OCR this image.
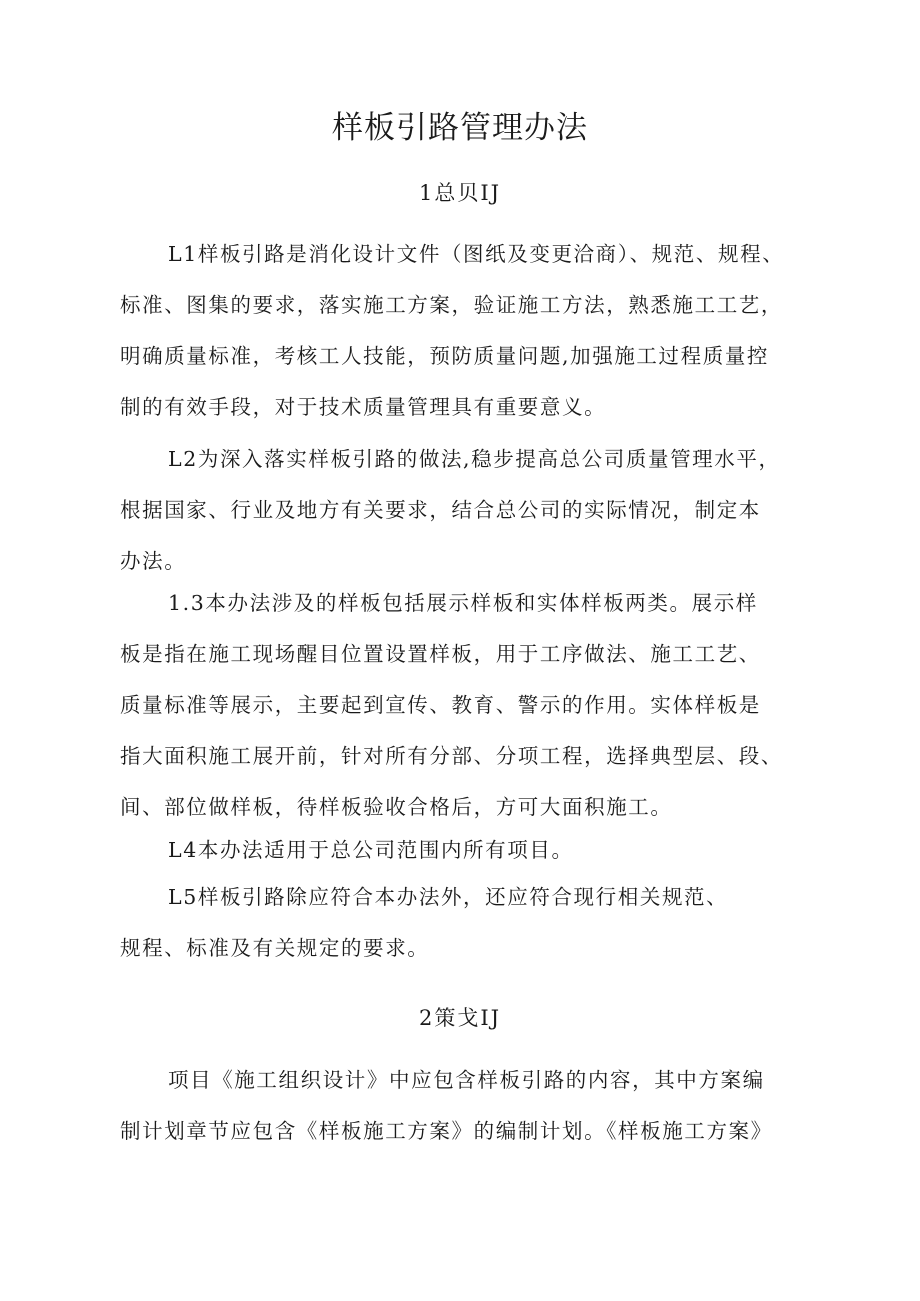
样板引路管理办法
1总贝IJ

L1样板引路是消化设计文件（图纸及变更洽商）、规范、规程、
标准、图集的要求，落实施工方案，验证施工方法，熟悉施工工艺，
明确质量标准，考核工人技能，预防质量问题,加强施工过程质量控
制的有效手段，对于技术质量管理具有重要意义。

L2为深入落实样板引路的做法,稳步提高总公司质量管理水平，
根据国家、行业及地方有关要求，结合总公司的实际情况，制定本
办法。

1.3本办法涉及的样板包括展示样板和实体样板两类。展示样
板是指在施工现场醒目位置设置样板，用于工序做法、施工工艺、
质量标准等展示，主要起到宣传、教育、警示的作用。实体样板是
指大面积施工展开前，针对所有分部、分项工程，选择典型层、段、
间、部位做样板，待样板验收合格后，方可大面积施工。

L4本办法适用于总公司范围内所有项目。

L5样板引路除应符合本办法外，还应符合现行相关规范、
规程、标准及有关规定的要求。

2策戈IJ

项目《施工组织设计》中应包含样板引路的内容，其中方案编
制计划章节应包含《样板施工方案》的编制计划。《样板施工方案》
